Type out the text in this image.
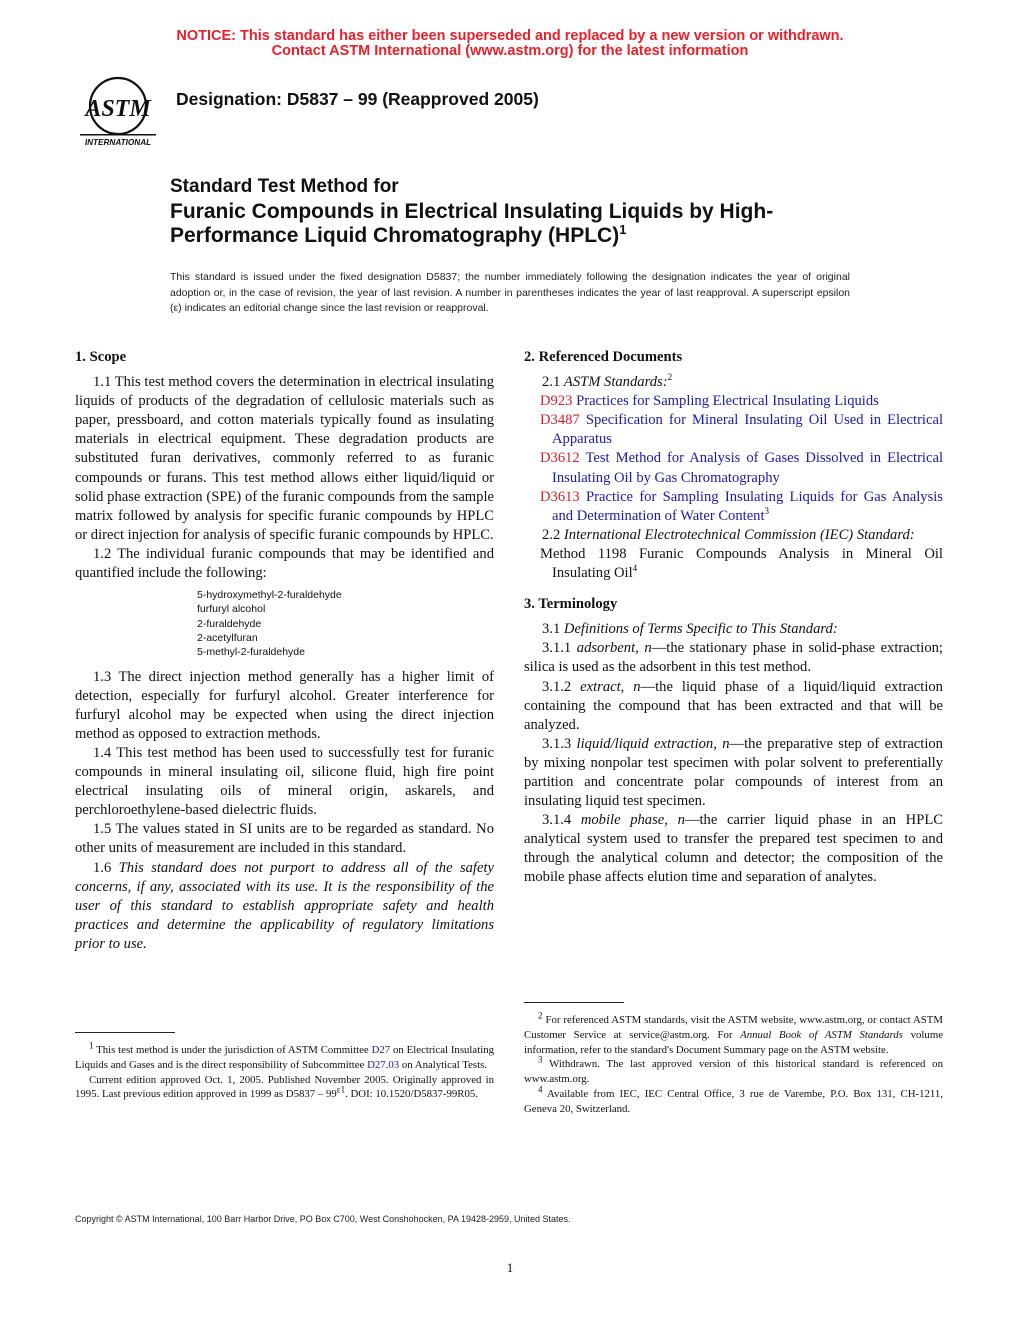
NOTICE: This standard has either been superseded and replaced by a new version or withdrawn.
Contact ASTM International (www.astm.org) for the latest information
ASTM
INTERNATIONAL
Designation: D5837 – 99 (Reapproved 2005)
Standard Test Method for
Furanic Compounds in Electrical Insulating Liquids by High-Performance Liquid Chromatography (HPLC)$^1$
This standard is issued under the fixed designation D5837; the number immediately following the designation indicates the year of original adoption or, in the case of revision, the year of last revision. A number in parentheses indicates the year of last reapproval. A superscript epsilon (ε) indicates an editorial change since the last revision or reapproval.

1. Scope

1.1 This test method covers the determination in electrical insulating liquids of products of the degradation of cellulosic materials such as paper, pressboard, and cotton materials typically found as insulating materials in electrical equipment. These degradation products are substituted furan derivatives, commonly referred to as furanic compounds or furans. This test method allows either liquid/liquid or solid phase extraction (SPE) of the furanic compounds from the sample matrix followed by analysis for specific furanic compounds by HPLC or direct injection for analysis of specific furanic compounds by HPLC.

1.2 The individual furanic compounds that may be identified and quantified include the following:

5-hydroxymethyl-2-furaldehyde
furfuryl alcohol
2-furaldehyde
2-acetylfuran
5-methyl-2-furaldehyde

1.3 The direct injection method generally has a higher limit of detection, especially for furfuryl alcohol. Greater interference for furfuryl alcohol may be expected when using the direct injection method as opposed to extraction methods.

1.4 This test method has been used to successfully test for furanic compounds in mineral insulating oil, silicone fluid, high fire point electrical insulating oils of mineral origin, askarels, and perchloroethylene-based dielectric fluids.

1.5 The values stated in SI units are to be regarded as standard. No other units of measurement are included in this standard.

1.6 This standard does not purport to address all of the safety concerns, if any, associated with its use. It is the responsibility of the user of this standard to establish appropriate safety and health practices and determine the applicability of regulatory limitations prior to use.

$^1$ This test method is under the jurisdiction of ASTM Committee D27 on Electrical Insulating Liquids and Gases and is the direct responsibility of Subcommittee D27.03 on Analytical Tests.

Current edition approved Oct. 1, 2005. Published November 2005. Originally approved in 1995. Last previous edition approved in 1999 as $D5837 - 99^{\varepsilon 1}$. DOI: 10.1520/D5837-99R05.

2. Referenced Documents

2.1 ASTM Standards:$^2$

D923 Practices for Sampling Electrical Insulating Liquids

D3487 Specification for Mineral Insulating Oil Used in Electrical Apparatus

D3612 Test Method for Analysis of Gases Dissolved in Electrical Insulating Oil by Gas Chromatography

D3613 Practice for Sampling Insulating Liquids for Gas Analysis and Determination of Water Content$^3$

2.2 International Electrotechnical Commission (IEC) Standard:

Method 1198 Furanic Compounds Analysis in Mineral Oil Insulating Oil$^4$

3. Terminology

3.1 Definitions of Terms Specific to This Standard:

3.1.1 adsorbent, n—the stationary phase in solid-phase extraction; silica is used as the adsorbent in this test method.

3.1.2 extract, n—the liquid phase of a liquid/liquid extraction containing the compound that has been extracted and that will be analyzed.

3.1.3 liquid/liquid extraction, n—the preparative step of extraction by mixing nonpolar test specimen with polar solvent to preferentially partition and concentrate polar compounds of interest from an insulating liquid test specimen.

3.1.4 mobile phase, n—the carrier liquid phase in an HPLC analytical system used to transfer the prepared test specimen to and through the analytical column and detector; the composition of the mobile phase affects elution time and separation of analytes.

$^2$ For referenced ASTM standards, visit the ASTM website, www.astm.org, or contact ASTM Customer Service at service@astm.org. For Annual Book of ASTM Standards volume information, refer to the standard's Document Summary page on the ASTM website.

$^3$ Withdrawn. The last approved version of this historical standard is referenced on www.astm.org.

$^4$ Available from IEC, IEC Central Office, 3 rue de Varembe, P.O. Box 131, CH-1211, Geneva 20, Switzerland.

Copyright © ASTM International, 100 Barr Harbor Drive, PO Box C700, West Conshohocken, PA 19428-2959, United States.
1
